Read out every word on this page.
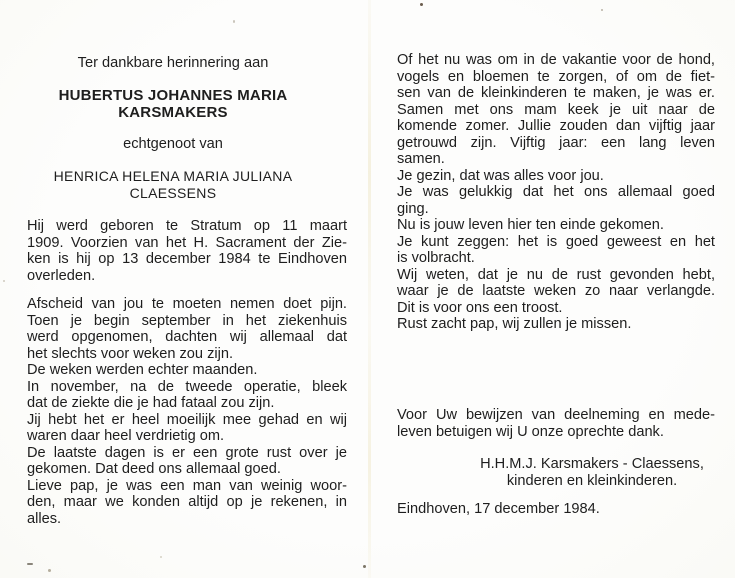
Ter dankbare herinnering aan
HUBERTUS JOHANNES MARIA
KARSMAKERS
echtgenoot van
HENRICA HELENA MARIA JULIANA
CLAESSENS
Hij werd geboren te Stratum op 11 maart
1909. Voorzien van het H. Sacrament der Zie-
ken is hij op 13 december 1984 te Eindhoven
overleden.
Afscheid van jou te moeten nemen doet pijn.
Toen je begin september in het ziekenhuis
werd opgenomen, dachten wij allemaal dat
het slechts voor weken zou zijn.
De weken werden echter maanden.
In november, na de tweede operatie, bleek
dat de ziekte die je had fataal zou zijn.
Jij hebt het er heel moeilijk mee gehad en wij
waren daar heel verdrietig om.
De laatste dagen is er een grote rust over je
gekomen. Dat deed ons allemaal goed.
Lieve pap, je was een man van weinig woor-
den, maar we konden altijd op je rekenen, in
alles.
Of het nu was om in de vakantie voor de hond,
vogels en bloemen te zorgen, of om de fiet-
sen van de kleinkinderen te maken, je was er.
Samen met ons mam keek je uit naar de
komende zomer. Jullie zouden dan vijftig jaar
getrouwd zijn. Vijftig jaar: een lang leven
samen.
Je gezin, dat was alles voor jou.
Je was gelukkig dat het ons allemaal goed
ging.
Nu is jouw leven hier ten einde gekomen.
Je kunt zeggen: het is goed geweest en het
is volbracht.
Wij weten, dat je nu de rust gevonden hebt,
waar je de laatste weken zo naar verlangde.
Dit is voor ons een troost.
Rust zacht pap, wij zullen je missen.
Voor Uw bewijzen van deelneming en mede-
leven betuigen wij U onze oprechte dank.
H.H.M.J. Karsmakers - Claessens,
kinderen en kleinkinderen.
Eindhoven, 17 december 1984.
